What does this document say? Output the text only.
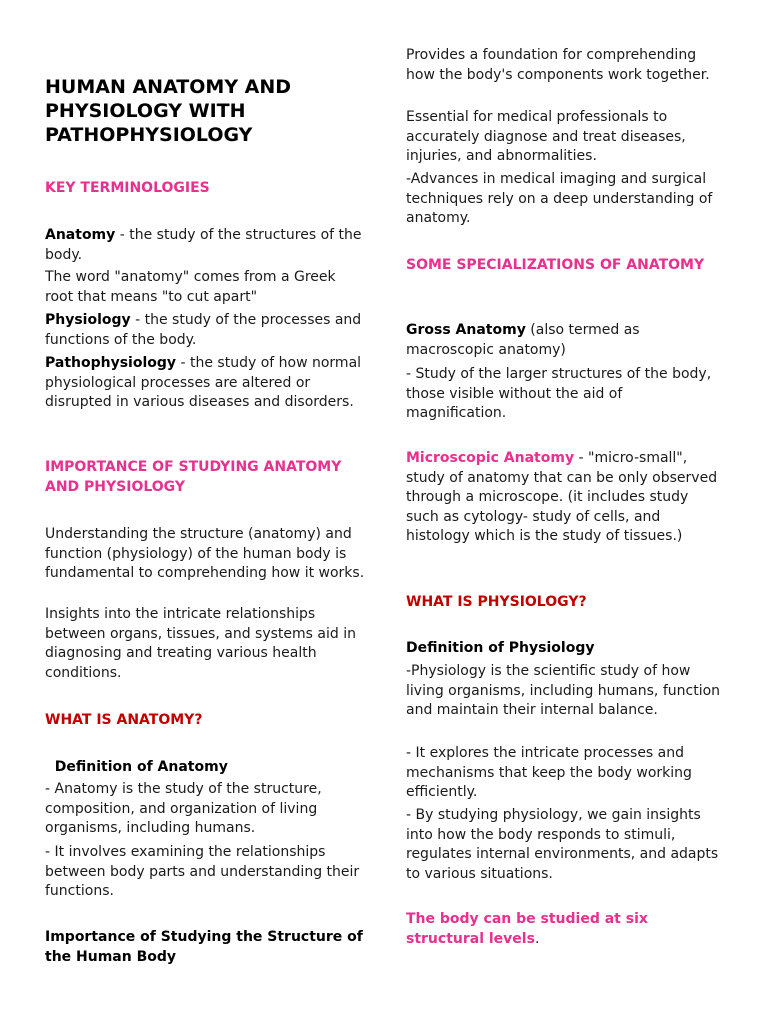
HUMAN ANATOMY AND PHYSIOLOGY WITH PATHOPHYSIOLOGY
KEY TERMINOLOGIES

Anatomy - the study of the structures of the body.

The word "anatomy" comes from a Greek root that means "to cut apart"

Physiology - the study of the processes and functions of the body.

Pathophysiology - the study of how normal physiological processes are altered or disrupted in various diseases and disorders.

IMPORTANCE OF STUDYING ANATOMY AND PHYSIOLOGY

Understanding the structure (anatomy) and function (physiology) of the human body is fundamental to comprehending how it works.

Insights into the intricate relationships between organs, tissues, and systems aid in diagnosing and treating various health conditions.

WHAT IS ANATOMY?

Definition of Anatomy

- Anatomy is the study of the structure, composition, and organization of living organisms, including humans.

- It involves examining the relationships between body parts and understanding their functions.

Importance of Studying the Structure of the Human Body

Provides a foundation for comprehending how the body's components work together.

Essential for medical professionals to accurately diagnose and treat diseases, injuries, and abnormalities.

-Advances in medical imaging and surgical techniques rely on a deep understanding of anatomy.

SOME SPECIALIZATIONS OF ANATOMY

Gross Anatomy (also termed as macroscopic anatomy)

- Study of the larger structures of the body, those visible without the aid of magnification.

Microscopic Anatomy - "micro-small", study of anatomy that can be only observed through a microscope. (it includes study such as cytology- study of cells, and histology which is the study of tissues.)

WHAT IS PHYSIOLOGY?

Definition of Physiology

-Physiology is the scientific study of how living organisms, including humans, function and maintain their internal balance.

- It explores the intricate processes and mechanisms that keep the body working efficiently.

- By studying physiology, we gain insights into how the body responds to stimuli, regulates internal environments, and adapts to various situations.

The body can be studied at six structural levels.
